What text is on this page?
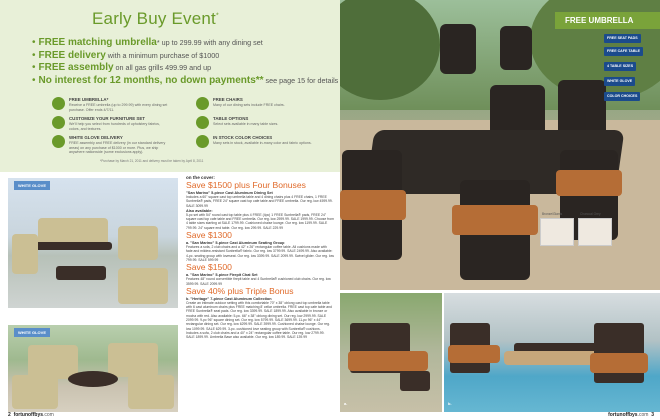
Early Buy Event*
• FREE matching umbrella* up to 299.99 with any dining set
• FREE delivery with a minimum purchase of $1000
• FREE assembly on all gas grills 499.99 and up
• No interest for 12 months, no down payments** see page 15 for details
FREE UMBRELLA*
Receive a FREE umbrella (up to 299.99) with every dining set purchase. Offer ends 4/7/11.
FREE CHAIRS
Many of our dining sets include FREE chairs.
CUSTOMIZE YOUR FURNITURE SET
We'll help you select from hundreds of upholstery fabrics, colors, and textures.
TABLE OPTIONS
Select sets available in many table sizes.
WHITE GLOVE DELIVERY
FREE assembly and FREE delivery (in our standard delivery areas) on any purchase of $1000 or more. Plus, we ship anywhere nationwide (some exclusions apply).
IN STOCK COLOR CHOICES
Many sets in stock, available in-many color and fabric options.
*Purchase by March 21, 2011 and delivery must be taken by April 8, 2011
Bronze/Giants	Charcoal Grey
FREE UMBRELLA
FREE SEAT PADS
FREE CAFE TABLE
4 TABLE SIZES
WHITE GLOVE
COLOR CHOICES
WHITE GLOVE
WHITE GLOVE
on the cover:
Save $1500 plus Four Bonuses
"San Marino" 5-piece Cast Aluminum Dining Set
Includes a 60" square cast top umbrella table and 4 dining chairs plus 4 FREE chairs, 1 FREE Sunbrella® pads, FREE 24" square cast top cafe table and FREE umbrella. Our reg. low 4599.99. SALE 3099.99
Also available:
5-pc set with 54" round cast top table plus 4 FREE (4pc) 1 FREE Sunbrella® pads, FREE 24" square cast top cafe table and FREE umbrella. Our reg. low 2599.99. SALE 1999.99. Choose from 4 table sizes starting at SALE 1799.99. Cushioned chaise lounge. Our reg. low 1199.99. SALE 799.99. 24" square end table. Our reg. low 299.99. SALE 229.99
Save $1300
a. "San Marino" 5-piece Cast Aluminum Seating Group
Features a sofa, 2 club chairs and a 42" x 26" rectangular coffee table. All cushions made with fade and mildew-resistant Sunbrella® fabric. Our reg. low 3799.99. SALE 2499.99. Also available: 4-pc. seating group with loveseat. Our reg. low 3399.99. SALE 2099.99. Swivel glider. Our reg. low 799.99. SALE 599.99
Save $1500
a. "San Marino" 5-piece Firepit Chat Set
Features 48" round convertible firepit table and 4 Sunbrella® cushioned club chairs. Our reg. low 3599.99. SALE 2099.99
Save 40% plus Triple Bonus
b. "Heritage" 7-piece Cast Aluminum Collection
Create an intimate outdoor setting with this comfortable 70" x 38" oblong cast top umbrella table with 6 cast aluminum chairs plus FREE matching 8' cellar umbrella. FREE cast top cafe table and FREE Sunbrella® seat pads. Our reg. low 3399.99. SALE 1899.99. Also available in bronze or mocha with red. Also available: 5-pc. 66" x 38" oblong dining set. Our reg. low 2999.99. SALE 2099.99. 9-pc 96" square dining set. Our reg. low 5799.99. SALE 3699.99. 11-pc 96" x 44" rectangular dining set. Our reg. low 6299.99. SALE 3999.99. Cushioned chaise lounge. Our reg. low 1099.99. SALE 629.99. 3-pc. cushioned love seating group with Sunbrella® cushions. Includes a sofa, 2 club chairs and a 40" x 24" rectangular coffee table. Our reg. low 2799.99. SALE 1899.99. Umbrella Base also available. Our reg. low 189.99. SALE 139.99
a.	b.
2 fortunoffbys.com	fortunoffbys.com 3
